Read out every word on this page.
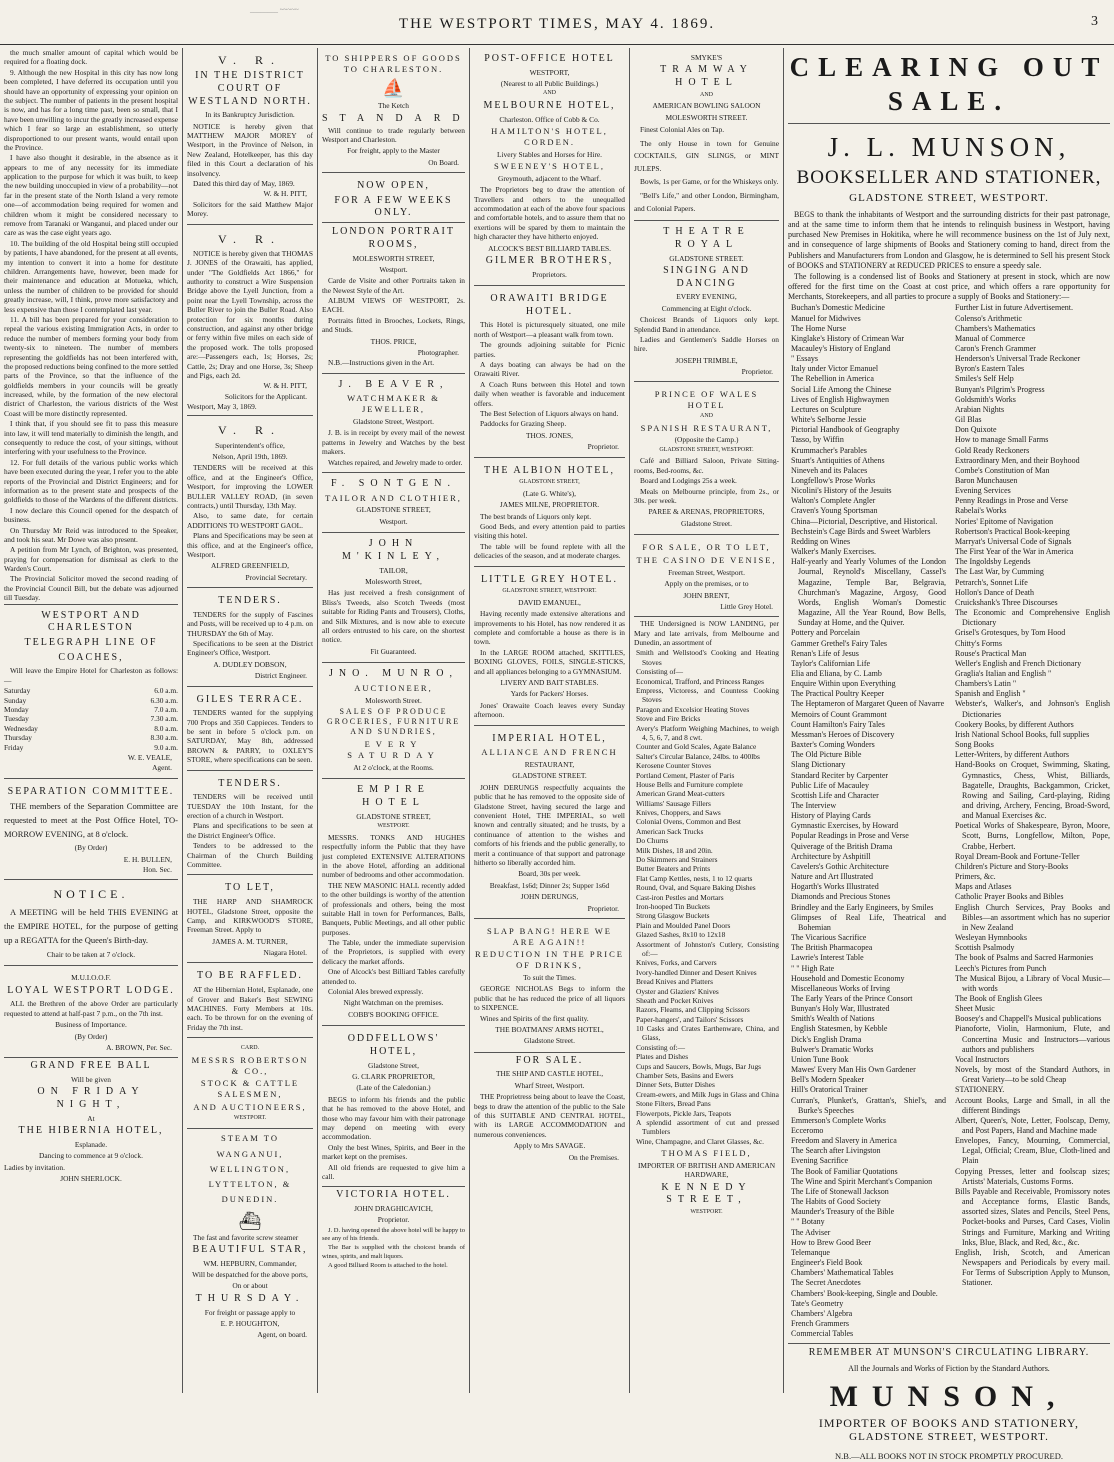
________ ~~~~~
THE WESTPORT TIMES, MAY 4. 1869.	3

the much smaller amount of capital which would be required for a floating dock.

9. Although the new Hospital in this city has now long been completed, I have deferred its occupation until you should have an opportunity of expressing your opinion on the subject. The number of patients in the present hospital is now, and has for a long time past, been so small, that I have been unwilling to incur the greatly increased expense which I fear so large an establishment, so utterly disproportioned to our present wants, would entail upon the Province.

I have also thought it desirable, in the absence as it appears to me of any necessity for its immediate application to the purpose for which it was built, to keep the new building unoccupied in view of a probability—not far in the present state of the North Island a very remote one—of accommodation being required for women and children whom it might be considered necessary to remove from Taranaki or Wanganui, and placed under our care as was the case eight years ago.

10. The building of the old Hospital being still occupied by patients, I have abandoned, for the present at all events, my intention to convert it into a home for destitute children. Arrangements have, however, been made for their maintenance and education at Motueka, which, unless the number of children to be provided for should greatly increase, will, I think, prove more satisfactory and less expensive than those I contemplated last year.

11. A bill has been prepared for your consideration to repeal the various existing Immigration Acts, in order to reduce the number of members forming your body from twenty-six to nineteen. The number of members representing the goldfields has not been interfered with, the proposed reductions being confined to the more settled parts of the Province, so that the influence of the goldfields members in your councils will be greatly increased, while, by the formation of the new electoral district of Charleston, the various districts of the West Coast will be more distinctly represented.

I think that, if you should see fit to pass this measure into law, it will tend materially to diminish the length, and consequently to reduce the cost, of your sittings, without interfering with your usefulness to the Province.

12. For full details of the various public works which have been executed during the year, I refer you to the able reports of the Provincial and District Engineers; and for information as to the present state and prospects of the goldfields to those of the Wardens of the different districts.

I now declare this Council opened for the despatch of business.

On Thursday Mr Reid was introduced to the Speaker, and took his seat. Mr Dowe was also present.

A petition from Mr Lynch, of Brighton, was presented, praying for compensation for dismissal as clerk to the Warden's Court.

The Provincial Solicitor moved the second reading of the Provincial Council Bill, but the debate was adjourned till Tuesday.

WESTPORT AND CHARLESTON
TELEGRAPH LINE OF
COACHES,

Will leave the Empire Hotel for Charleston as follows:—

Saturday	6.0 a.m.
Sunday	6.30 a.m.
Monday	7.0 a.m.
Tuesday	7.30 a.m.
Wednesday	8.0 a.m.
Thursday	8.30 a.m.
Friday	9.0 a.m.
W. E. VEALE,
Agent.
SEPARATION COMMITTEE.

THE members of the Separation Committee are requested to meet at the Post Office Hotel, TO-MORROW EVENING, at 8 o'clock.

(By Order)
E. H. BULLEN,
Hon. Sec.
NOTICE.

A MEETING will be held THIS EVENING at the EMPIRE HOTEL, for the purpose of getting up a REGATTA for the Queen's Birth-day.

Chair to be taken at 7 o'clock.
M.U.I.O.O.F.
LOYAL WESTPORT LODGE.

ALL the Brethren of the above Order are particularly requested to attend at half-past 7 p.m., on the 7th inst.

Business of Importance.
(By Order)
A. BROWN, Per. Sec.
GRAND FREE BALL
Will be given
ON FRIDAY NIGHT,
At
THE HIBERNIA HOTEL,
Esplanade.
Dancing to commence at 9 o'clock.
Ladies by invitation.
JOHN SHERLOCK.
V. R.
IN THE DISTRICT COURT OF WESTLAND NORTH.
In its Bankruptcy Jurisdiction.

NOTICE is hereby given that MATTHEW MAJOR MOREY of Westport, in the Province of Nelson, in New Zealand, Hotelkeeper, has this day filed in this Court a declaration of his insolvency.

Dated this third day of May, 1869.

W. & H. PITT,

Solicitors for the said Matthew Major Morey.

V. R.

NOTICE is hereby given that THOMAS J. JONES of the Orawaiti, has applied, under "The Goldfields Act 1866," for authority to construct a Wire Suspension Bridge above the Lyell Junction, from a point near the Lyell Township, across the Buller River to join the Buller Road. Also protection for six months during construction, and against any other bridge or ferry within five miles on each side of the proposed work. The tolls proposed are:—Passengers each, 1s; Horses, 2s; Cattle, 2s; Dray and one Horse, 3s; Sheep and Pigs, each 2d.

W. & H. PITT,
Solicitors for the Applicant.
Westport, May 3, 1869.
V. R.
Superintendent's office,
Nelson, April 19th, 1869.

TENDERS will be received at this office, and at the Engineer's Office, Westport, for improving the LOWER BULLER VALLEY ROAD, (in seven contracts,) until Thursday, 13th May.

Also, to same date, for certain ADDITIONS TO WESTPORT GAOL.

Plans and Specifications may be seen at this office, and at the Engineer's office, Westport.

ALFRED GREENFIELD,
Provincial Secretary.
TENDERS.

TENDERS for the supply of Fascines and Posts, will be received up to 4 p.m. on THURSDAY the 6th of May.

Specifications to be seen at the District Engineer's Office, Westport.

A. DUDLEY DOBSON,
District Engineer.
GILES TERRACE.

TENDERS wanted for the supplying 700 Props and 350 Cappieces. Tenders to be sent in before 5 o'clock p.m. on SATURDAY, May 8th, addressed BROWN & PARRY, to OXLEY'S STORE, where specifications can be seen.

TENDERS.

TENDERS will be received until TUESDAY the 10th Instant, for the erection of a church in Westport.

Plans and specifications to be seen at the District Engineer's Office.

Tenders to be addressed to the Chairman of the Church Building Committee.

TO LET,

THE HARP AND SHAMROCK HOTEL, Gladstone Street, opposite the Camp, and KIRKWOOD'S STORE, Freeman Street. Apply to

JAMES A. M. TURNER,
Niagara Hotel.
TO BE RAFFLED.

AT the Hibernian Hotel, Esplanade, one of Grover and Baker's Best SEWING MACHINES. Forty Members at 10s. each. To be thrown for on the evening of Friday the 7th inst.

CARD.
MESSRS ROBERTSON & CO.,
STOCK & CATTLE SALESMEN,
AND AUCTIONEERS,
WESTPORT.
STEAM TO WANGANUI, WELLINGTON, LYTTELTON, & DUNEDIN.
⛴

The fast and favorite screw steamer

BEAUTIFUL STAR,
WM. HEPBURN, Commander,
Will be despatched for the above ports,
On or about
THURSDAY.
For freight or passage apply to
E. P. HOUGHTON,
Agent, on board.
TO SHIPPERS OF GOODS TO CHARLESTON.
⛵
The Ketch
STANDARD

Will continue to trade regularly between Westport and Charleston.

For freight, apply to the Master
On Board.
NOW OPEN,
FOR A FEW WEEKS ONLY.
LONDON PORTRAIT ROOMS,
MOLESWORTH STREET,
Westport.

Carde de Visite and other Portraits taken in the Newest Style of the Art.

ALBUM VIEWS OF WESTPORT, 2s. EACH.

Portraits fitted in Brooches, Lockets, Rings, and Studs.

THOS. PRICE,
Photographer.

N.B.—Instructions given in the Art.

J. BEAVER,
WATCHMAKER & JEWELLER,
Gladstone Street, Westport.

J. B. is in receipt by every mail of the newest patterns in Jewelry and Watches by the best makers.

Watches repaired, and Jewelry made to order.

F. SONTGEN.
TAILOR AND CLOTHIER,
GLADSTONE STREET,
Westport.
JOHN M'KINLEY,
TAILOR,
Molesworth Street,

Has just received a fresh consignment of Bliss's Tweeds, also Scotch Tweeds (most suitable for Riding Pants and Trousers), Cloths, and Silk Mixtures, and is now able to execute all orders entrusted to his care, on the shortest notice.

Fit Guaranteed.
JNO. MUNRO,
AUCTIONEER,
Molesworth Street.
SALES OF PRODUCE GROCERIES, FURNITURE AND SUNDRIES,
EVERY SATURDAY
At 2 o'clock, at the Rooms.
EMPIRE HOTEL
GLADSTONE STREET,
WESTPORT.

MESSRS. TONKS AND HUGHES respectfully inform the Public that they have just completed EXTENSIVE ALTERATIONS in the above Hotel, affording an additional number of bedrooms and other accommodation.

THE NEW MASONIC HALL recently added to the other buildings is worthy of the attention of professionals and others, being the most suitable Hall in town for Performances, Balls, Banquets, Public Meetings, and all other public purposes.

The Table, under the immediate supervision of the Proprietors, is supplied with every delicacy the market affords.

One of Alcock's best Billiard Tables carefully attended to.

Colonial Ales brewed expressly.

Night Watchman on the premises.
COBB'S BOOKING OFFICE.
ODDFELLOWS' HOTEL,
Gladstone Street,
G. CLARK PROPRIETOR,
(Late of the Caledonian.)

BEGS to inform his friends and the public that he has removed to the above Hotel, and those who may favour him with their patronage may depend on meeting with every accommodation.

Only the best Wines, Spirits, and Beer in the market kept on the premises.

All old friends are requested to give him a call.

VICTORIA HOTEL.
JOHN DRAGHICAVICH,
Proprietor.

J. D. having opened the above hotel will be happy to see any of his friends.

The Bar is supplied with the choicest brands of wines, spirits, and malt liquors.

A good Billiard Room is attached to the hotel.

POST-OFFICE HOTEL
WESTPORT,
(Nearest to all Public Buildings.)
AND
MELBOURNE HOTEL,
Charleston. Office of Cobb & Co.
HAMILTON'S HOTEL, CORDEN.
Livery Stables and Horses for Hire.
SWEENEY'S HOTEL,
Greymouth, adjacent to the Wharf.

The Proprietors beg to draw the attention of Travellers and others to the unequalled accommodation at each of the above four spacious and comfortable hotels, and to assure them that no exertions will be spared by them to maintain the high character they have hitherto enjoyed.

ALCOCK'S BEST BILLIARD TABLES.
GILMER BROTHERS,
Proprietors.
ORAWAITI BRIDGE HOTEL.

This Hotel is picturesquely situated, one mile north of Westport—a pleasant walk from town.

The grounds adjoining suitable for Picnic parties.

A days boating can always be had on the Orawaiti River.

A Coach Runs between this Hotel and town daily when weather is favorable and inducement offers.

The Best Selection of Liquors always on hand.

Paddocks for Grazing Sheep.

THOS. JONES,
Proprietor.
THE ALBION HOTEL,
GLADSTONE STREET,
(Late G. White's),
JAMES MILNE, PROPRIETOR.

The best brands of Liquors only kept.

Good Beds, and every attention paid to parties visiting this hotel.

The table will be found replete with all the delicacies of the season, and at moderate charges.

LITTLE GREY HOTEL.
GLADSTONE STREET, WESTPORT.
DAVID EMANUEL,

Having recently made extensive alterations and improvements to his Hotel, has now rendered it as complete and comfortable a house as there is in town.

In the LARGE ROOM attached, SKITTLES, BOXING GLOVES, FOILS, SINGLE-STICKS, and all appliances belonging to a GYMNASIUM.

LIVERY AND BAIT STABLES.
Yards for Packers' Horses.

Jones' Orawaite Coach leaves every Sunday afternoon.

IMPERIAL HOTEL,
ALLIANCE AND FRENCH
RESTAURANT,
GLADSTONE STREET.

JOHN DERUNGS respectfully acquaints the public that he has removed to the opposite side of Gladstone Street, having secured the large and convenient Hotel, THE IMPERIAL, so well known and centrally situated; and he trusts, by a continuance of attention to the wishes and comforts of his friends and the public generally, to merit a continuance of that support and patronage hitherto so liberally accorded him.

Board, 30s per week.
Breakfast, 1s6d; Dinner 2s; Supper 1s6d
JOHN DERUNGS,
Proprietor.
SLAP BANG! HERE WE ARE AGAIN!!
REDUCTION IN THE PRICE OF DRINKS,
To suit the Times.

GEORGE NICHOLAS Begs to inform the public that he has reduced the price of all liquors to SIXPENCE.

Wines and Spirits of the first quality.

THE BOATMANS' ARMS HOTEL,
Gladstone Street.
FOR SALE.
THE SHIP AND CASTLE HOTEL,
Wharf Street, Westport.

THE Proprietress being about to leave the Coast, begs to draw the attention of the public to the Sale of this SUITABLE AND CENTRAL HOTEL, with its LARGE ACCOMMODATION and numerous conveniences.

Apply to Mrs SAVAGE.
On the Premises.
SMYKE'S
TRAMWAY HOTEL
AND
AMERICAN BOWLING SALOON
MOLESWORTH STREET.

Finest Colonial Ales on Tap.

The only House in town for Genuine COCKTAILS, GIN SLINGS, or MINT JULEPS.

Bowls, 1s per Game, or for the Whiskeys only.

"Bell's Life," and other London, Birmingham, and Colonial Papers.

THEATRE ROYAL
GLADSTONE STREET.
SINGING AND DANCING
EVERY EVENING,
Commencing at Eight o'clock.

Choicest Brands of Liquors only kept. Splendid Band in attendance.

Ladies and Gentlemen's Saddle Horses on hire.

JOSEPH TRIMBLE,
Proprietor.
PRINCE OF WALES HOTEL
AND
SPANISH RESTAURANT,
(Opposite the Camp.)
GLADSTONE STREET, WESTPORT.

Café and Billiard Saloon, Private Sitting-rooms, Bed-rooms, &c.

Board and Lodgings 25s a week.

Meals on Melbourne principle, from 2s., or 30s. per week.

PAREE & ARENAS, PROPRIETORS,
Gladstone Street.
FOR SALE, OR TO LET,
THE CASINO DE VENISE,
Freeman Street, Westport.
Apply on the premises, or to
JOHN BRENT,
Little Grey Hotel.

THE Undersigned is NOW LANDING, per Mary and late arrivals, from Melbourne and Dunedin, an assortment of

Smith and Wellstood's Cooking and Heating Stoves
Consisting of—
Economical, Trafford, and Princess Ranges
Empress, Victoress, and Countess Cooking Stoves
Paragon and Excelsior Heating Stoves
Stove and Fire Bricks
Avery's Platform Weighing Machines, to weigh 4, 5, 6, 7, and 8 cwt.
Counter and Gold Scales, Agate Balance
Salter's Circular Balance, 24lbs. to 400lbs
Kerosene Counter Stoves
Portland Cement, Plaster of Paris
House Bells and Furniture complete
American Grand Meat-cutters
Williams' Sausage Fillers
Knives, Choppers, and Saws
Colonial Ovens, Common and Best
American Sack Trucks
Do Churns
Milk Dishes, 18 and 20in.
Do Skimmers and Strainers
Butter Beaters and Prints
Flat Camp Kettles, nests, 1 to 12 quarts
Round, Oval, and Square Baking Dishes
Cast-iron Pestles and Mortars
Iron-hooped Tin Buckets
Strong Glasgow Buckets
Plain and Moulded Panel Doors
Glazed Sashes, 8x10 to 12x18
Assortment of Johnston's Cutlery, Consisting of:—
Knives, Forks, and Carvers
Ivory-handled Dinner and Desert Knives
Bread Knives and Platters
Oyster and Glaziers' Knives
Sheath and Pocket Knives
Razors, Fleams, and Clipping Scissors
Paper-hangers', and Tailors' Scissors
10 Casks and Crates Earthenware, China, and Glass,
Consisting of:—
Plates and Dishes
Cups and Saucers, Bowls, Mugs, Bar Jugs
Chamber Sets, Basins and Ewers
Dinner Sets, Butter Dishes
Cream-ewers, and Milk Jugs in Glass and China
Stone Filters, Bread Pans
Flowerpots, Pickle Jars, Teapots
A splendid assortment of cut and pressed Tumblers
Wine, Champagne, and Claret Glasses, &c.
THOMAS FIELD,
IMPORTER OF BRITISH AND AMERICAN HARDWARE,
KENNEDY STREET,
WESTPORT.
CLEARING OUT SALE.
J. L. MUNSON,
BOOKSELLER AND STATIONER,
GLADSTONE STREET, WESTPORT.

BEGS to thank the inhabitants of Westport and the surrounding districts for their past patronage, and at the same time to inform them that he intends to relinquish business in Westport, having purchased New Premises in Hokitika, where he will recommence business on the 1st of July next, and in consequence of large shipments of Books and Stationery coming to hand, direct from the Publishers and Manufacturers from London and Glasgow, he is determined to Sell his present Stock of BOOKS and STATIONERY at REDUCED PRICES to ensure a speedy sale.

The following is a condensed list of Books and Stationery at present in stock, which are now offered for the first time on the Coast at cost price, and which offers a rare opportunity for Merchants, Storekeepers, and all parties to procure a supply of Books and Stationery:—

Buchan's Domestic Medicine
Manuel for Midwives
The Home Nurse
Kinglake's History of Crimean War
Macauley's History of England
" Essays
Italy under Victor Emanuel
The Rebellion in America
Social Life Among the Chinese
Lives of English Highwaymen
Lectures on Sculpture
White's Selborne Jessie
Pictorial Handbook of Geography
Tasso, by Wiffin
Krummacher's Parables
Stuart's Antiquities of Athens
Nineveh and its Palaces
Longfellow's Prose Works
Nicolini's History of the Jesuits
Walton's Complete Angler
Craven's Young Sportsman
China—Pictorial, Descriptive, and Historical.
Bechstein's Cage Birds and Sweet Warblers
Redding on Wines
Walker's Manly Exercises.
Half-yearly and Yearly Volumes of the London Journal, Reynold's Miscellany, Cassel's Magazine, Temple Bar, Belgravia, Churchman's Magazine, Argosy, Good Words, English Woman's Domestic Magazine, All the Year Round, Bow Bells, Sunday at Home, and the Quiver.
Pottery and Porcelain
Gammer Grethel's Fairy Tales
Renan's Life of Jesus
Taylor's Californian Life
Elia and Eliana, by C. Lamb
Enquire Within upon Everything
The Practical Poultry Keeper
The Heptameron of Margaret Queen of Navarre
Memoirs of Count Grammont
Count Hamilton's Fairy Tales
Messman's Heroes of Discovery
Baxter's Coming Wonders
The Old Picture Bible
Slang Dictionary
Standard Reciter by Carpenter
Public Life of Macauley
Scottish Life and Character
The Interview
History of Playing Cards
Gymnastic Exercises, by Howard
Popular Readings in Prose and Verse
Quiverage of the British Drama
Architecture by Ashpitill
Cavelers's Gothic Architecture
Nature and Art Illustrated
Hogarth's Works Illustrated
Diamonds and Precious Stones
Brindley and the Early Engineers, by Smiles
Glimpses of Real Life, Theatrical and Bohemian
The Vicarious Sacrifice
The British Pharmacopea
Lawrie's Interest Table
" " High Rate
Household and Domestic Economy
Miscellaneous Works of Irving
The Early Years of the Prince Consort
Bunyan's Holy War, Illustrated
Smith's Wealth of Nations
English Statesmen, by Kebble
Dick's English Drama
Bulwer's Dramatic Works
Union Tune Book
Mawes' Every Man His Own Gardener
Bell's Modern Speaker
Hill's Oratorical Trainer
Curran's, Plunket's, Grattan's, Shiel's, and Burke's Speeches
Emmerson's Complete Works
Ecceromo
Freedom and Slavery in America
The Search after Livingston
Evening Sacrifice
The Book of Familiar Quotations
The Wine and Spirit Merchant's Companion
The Life of Stonewall Jackson
The Habits of Good Society
Maunder's Treasury of the Bible
" " Botany
The Adviser
How to Brew Good Beer
Telemanque
Engineer's Field Book
Chambers' Mathematical Tables
The Secret Anecdotes
Chambers' Book-keeping, Single and Double.
Tate's Geometry
Chambers' Algebra
French Grammers
Commercial Tables
Further List in future Advertisement.
Colenso's Arithmetic
Chambers's Mathematics
Manual of Commerce
Caron's French Grammer
Henderson's Universal Trade Reckoner
Byron's Eastern Tales
Smiles's Self Help
Bunyan's Pilgrim's Progress
Goldsmith's Works
Arabian Nights
Gil Blas
Don Quixote
How to manage Small Farms
Gold Ready Reckoners
Extraordinary Men, and their Boyhood
Combe's Constitution of Man
Baron Munchausen
Evening Services
Penny Readings in Prose and Verse
Rabelai's Works
Nories' Epitome of Navigation
Robertson's Practical Book-keeping
Marryat's Universal Code of Signals
The First Year of the War in America
The Ingoldsby Legends
The Last War, by Cumming
Petrarch's, Sonnet Life
Hollon's Dance of Death
Cruickshank's Three Discourses
The Economic and Comprehensive English Dictionary
Grisel's Grotesques, by Tom Hood
Chitty's Forms
Rouse's Practical Man
Weller's English and French Dictionary
Graglia's Italian and English "
Chambers's Latin "
Spanish and English "
Webster's, Walker's, and Johnson's English Dictionaries
Cookery Books, by different Authors
Irish National School Books, full supplies
Song Books
Letter-Writers, by different Authors
Hand-Books on Croquet, Swimming, Skating, Gymnastics, Chess, Whist, Billiards, Bagatelle, Draughts, Backgammon, Cricket, Rowing and Sailing, Card-playing, Riding and driving, Archery, Fencing, Broad-Sword, and Manual Exercises &c.
Poetical Works of Shakespeare, Byron, Moore, Scott, Burns, Longfellow, Milton, Pope, Crabbe, Herbert.
Royal Dream-Book and Fortune-Teller
Children's Picture and Story-Books
Primers, &c.
Maps and Atlases
Catholic Prayer Books and Bibles
English Church Services, Pray Books and Bibles—an assortment which has no superior in New Zealand
Wesleyan Hymnbooks
Scottish Psalmody
The book of Psalms and Sacred Harmonies
Leech's Pictures from Punch
The Musical Bijou, a Library of Vocal Music—with words
The Book of English Glees
Sheet Music
Boosey's and Chappell's Musical publications
Pianoforte, Violin, Harmonium, Flute, and Concertina Music and Instructors—various authors and publishers
Vocal Instructors
Novels, by most of the Standard Authors, in Great Variety—to be sold Cheap
STATIONERY.
Account Books, Large and Small, in all the different Bindings
Albert, Queen's, Note, Letter, Foolscap, Demy, and Post Papers, Hand and Machine made
Envelopes, Fancy, Mourning, Commercial, Legal, Official; Cream, Blue, Cloth-lined and Plain
Copying Presses, letter and foolscap sizes; Artists' Materials, Customs Forms.
Bills Payable and Receivable, Promissory notes and Acceptance forms, Elastic Bands, assorted sizes, Slates and Pencils, Steel Pens, Pocket-books and Purses, Card Cases, Violin Strings and Furniture, Marking and Writing Inks, Blue, Black, and Red, &c., &c.
English, Irish, Scotch, and American Newspapers and Periodicals by every mail. For Terms of Subscription Apply to Munson, Stationer.
REMEMBER AT MUNSON'S CIRCULATING LIBRARY.
All the Journals and Works of Fiction by the Standard Authors.
MUNSON,
IMPORTER OF BOOKS AND STATIONERY,
GLADSTONE STREET, WESTPORT.
N.B.—ALL BOOKS NOT IN STOCK PROMPTLY PROCURED.
